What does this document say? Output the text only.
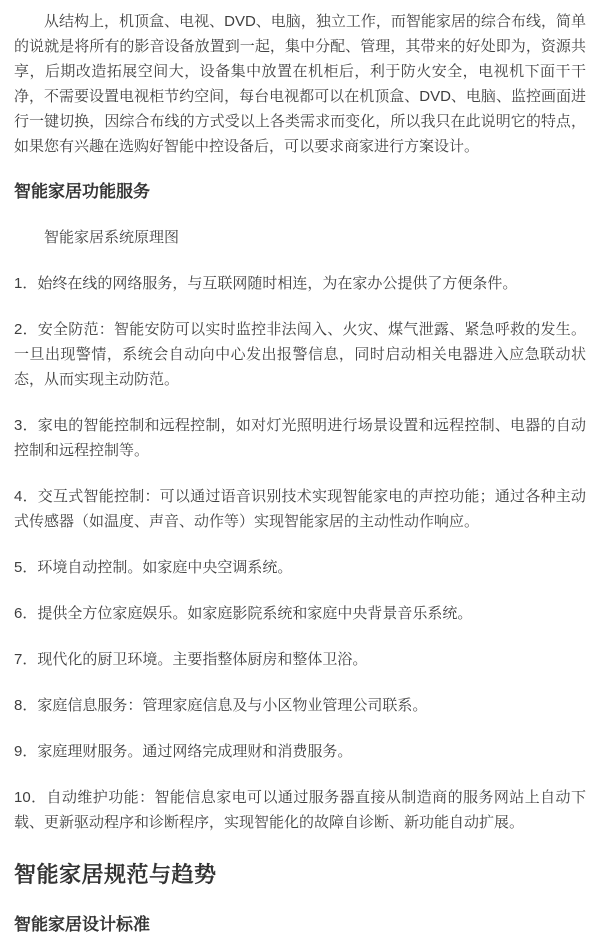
从结构上，机顶盒、电视、DVD、电脑，独立工作，而智能家居的综合布线，简单的说就是将所有的影音设备放置到一起，集中分配、管理，其带来的好处即为，资源共享，后期改造拓展空间大，设备集中放置在机柜后，利于防火安全，电视机下面干干净，不需要设置电视柜节约空间，每台电视都可以在机顶盒、DVD、电脑、监控画面进行一键切换，因综合布线的方式受以上各类需求而变化，所以我只在此说明它的特点，如果您有兴趣在选购好智能中控设备后，可以要求商家进行方案设计。

智能家居功能服务

智能家居系统原理图

1．始终在线的网络服务，与互联网随时相连，为在家办公提供了方便条件。

2．安全防范：智能安防可以实时监控非法闯入、火灾、煤气泄露、紧急呼救的发生。一旦出现警情，系统会自动向中心发出报警信息，同时启动相关电器进入应急联动状态，从而实现主动防范。

3．家电的智能控制和远程控制，如对灯光照明进行场景设置和远程控制、电器的自动控制和远程控制等。

4．交互式智能控制：可以通过语音识别技术实现智能家电的声控功能；通过各种主动式传感器（如温度、声音、动作等）实现智能家居的主动性动作响应。

5．环境自动控制。如家庭中央空调系统。

6．提供全方位家庭娱乐。如家庭影院系统和家庭中央背景音乐系统。

7．现代化的厨卫环境。主要指整体厨房和整体卫浴。

8．家庭信息服务：管理家庭信息及与小区物业管理公司联系。

9．家庭理财服务。通过网络完成理财和消费服务。

10．自动维护功能：智能信息家电可以通过服务器直接从制造商的服务网站上自动下载、更新驱动程序和诊断程序，实现智能化的故障自诊断、新功能自动扩展。

智能家居规范与趋势
智能家居设计标准
